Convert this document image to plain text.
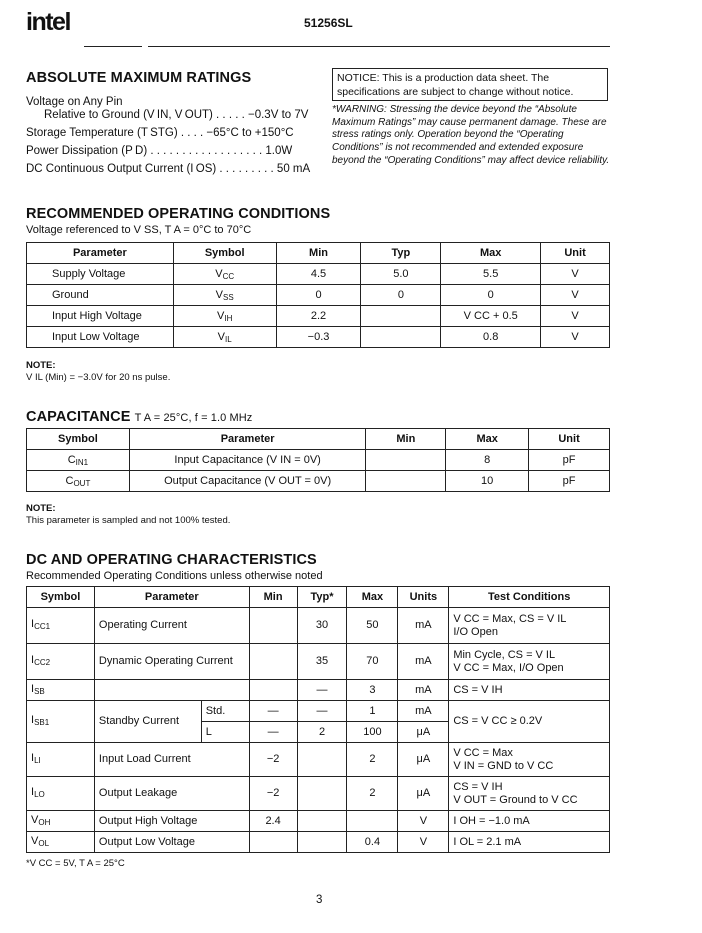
intel	51256SL
ABSOLUTE MAXIMUM RATINGS
Voltage on Any Pin
Relative to Ground (V IN, V OUT) . . . . . −0.3V to 7V
Storage Temperature (T STG) . . . . −65°C to +150°C
Power Dissipation (P D) . . . . . . . . . . . . . . . . . . 1.0W
DC Continuous Output Current (I OS) . . . . . . . . . 50 mA
NOTICE: This is a production data sheet. The specifications are subject to change without notice.
*WARNING: Stressing the device beyond the “Absolute Maximum Ratings” may cause permanent damage. These are stress ratings only. Operation beyond the “Operating Conditions” is not recommended and extended exposure beyond the “Operating Conditions” may affect device reliability.
RECOMMENDED OPERATING CONDITIONS
Voltage referenced to V SS, T A = 0°C to 70°C
Parameter	Symbol	Min	Typ	Max	Unit
Supply Voltage	$V_{CC}$	4.5	5.0	5.5	V
Ground	$V_{SS}$	0	0	0	V
Input High Voltage	$V_{IH}$	2.2		V CC + 0.5	V
Input Low Voltage	$V_{IL}$	−0.3		0.8	V
NOTE:
V IL (Min) = −3.0V for 20 ns pulse.
CAPACITANCE T A = 25°C, f = 1.0 MHz
Symbol	Parameter	Min	Max	Unit
$C_{IN1}$	Input Capacitance (V IN = 0V)		8	pF
$C_{OUT}$	Output Capacitance (V OUT = 0V)		10	pF
NOTE:
This parameter is sampled and not 100% tested.
DC AND OPERATING CHARACTERISTICS
Recommended Operating Conditions unless otherwise noted
Symbol	Parameter		Min	Typ*	Max	Units	Test Conditions
$I_{CC1}$	Operating Current			30	50	mA	V CC = Max, CS = V IL
I/O Open

$I_{CC2}$	Dynamic Operating Current			35	70	mA	Min Cycle, CS = V IL
V CC = Max, I/O Open

$I_{SB}$				—	3	mA	CS = V IH
$I_{SB1}$	Standby Current	Std.	—	—	1	mA	CS = V CC ≥ 0.2V
		L	—	2	100	μA	
$I_{LI}$	Input Load Current		−2		2	μA	V CC = Max
V IN = GND to V CC

$I_{LO}$	Output Leakage		−2		2	μA	CS = V IH
V OUT = Ground to V CC

$V_{OH}$	Output High Voltage		2.4			V	I OH = −1.0 mA
$V_{OL}$	Output Low Voltage				0.4	V	I OL = 2.1 mA
*V CC = 5V, T A = 25°C
3
